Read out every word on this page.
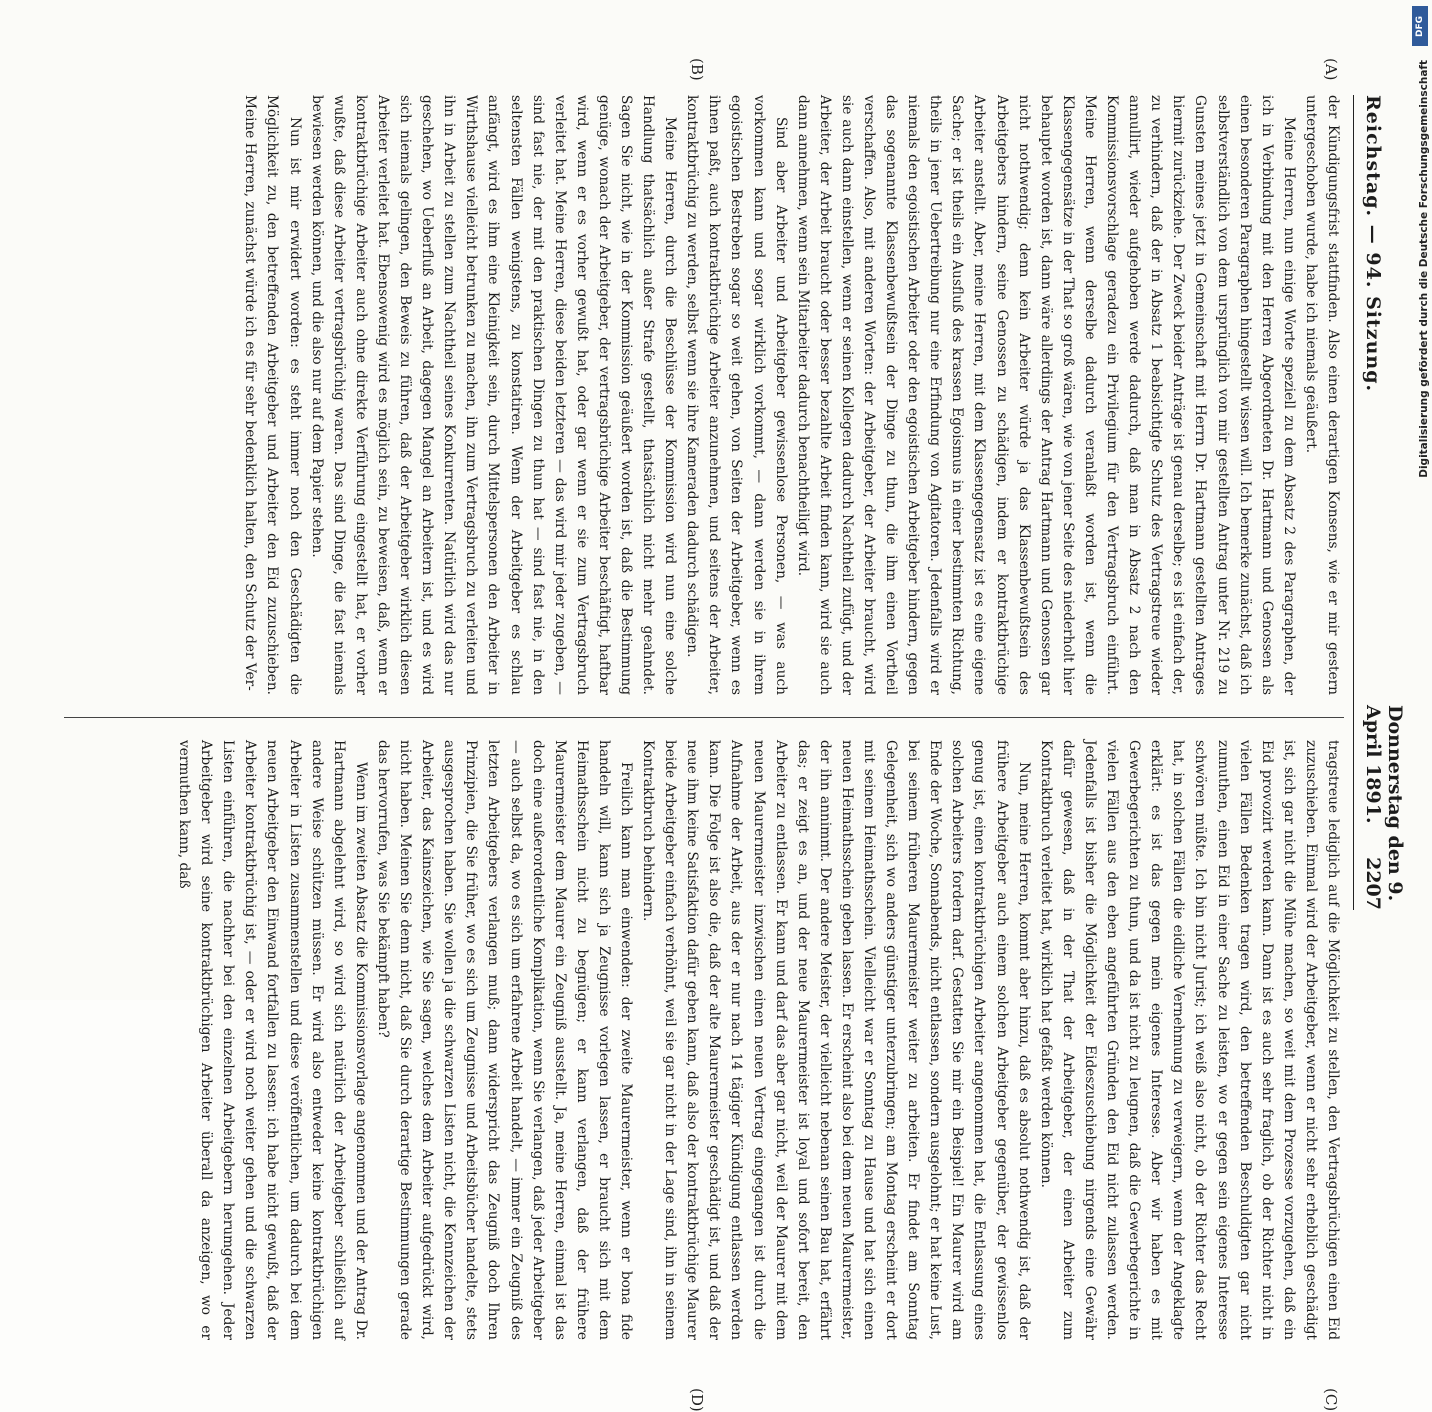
Reichstag. — 94. Sitzung.
Donnerstag den 9. April 1891.
2207

der Kündigungsfrist stattfinden. Also einen derartigen Konsens, wie er mir gestern untergeschoben wurde, habe ich niemals geäußert.

Meine Herren, nun einige Worte speziell zu dem Absatz 2 des Paragraphen, der ich in Verbindung mit den Herren Abgeordneten Dr. Hartmann und Genossen als einen besonderen Paragraphen hingestellt wissen will. Ich bemerke zunächst, daß ich selbstverständlich von dem ursprünglich von mir gestellten Antrag unter Nr. 219 zu Gunsten meines jetzt in Gemeinschaft mit Herrn Dr. Hartmann gestellten Antrages hiermit zurückziehe. Der Zweck beider Anträge ist genau derselbe; es ist einfach der, zu verhindern, daß der in Absatz 1 beabsichtigte Schutz des Vertragstreue wieder annullirt, wieder aufgehoben werde dadurch, daß man in Absatz 2 nach den Kommissionsvorschlage geradezu ein Privilegium für den Vertragsbruch einführt. Meine Herren, wenn derselbe dadurch veranlaßt worden ist, wenn die Klassengegensätze in der That so groß wären, wie von jener Seite des niederholt hier behauptet worden ist, dann wäre allerdings der Antrag Hartmann und Genossen gar nicht nothwendig; denn kein Arbeiter würde ja das Klassenbewußtsein des Arbeitgebers hindern, seine Genossen zu schädigen, indem er kontraktbrüchige Arbeiter anstellt. Aber, meine Herren, mit dem Klassengegensatz ist es eine eigene Sache; er ist theils ein Ausfluß des krassen Egoismus in einer bestimmten Richtung, theils in jener Uebertreibung nur eine Erfindung von Agitatoren. Jedenfalls wird er niemals den egoistischen Arbeiter oder den egoistischen Arbeitgeber hindern, gegen das sogenannte Klassenbewußtsein der Dinge zu thun, die ihm einen Vortheil verschaffen. Also, mit anderen Worten: der Arbeitgeber, der Arbeiter braucht, wird sie auch dann einstellen, wenn er seinen Kollegen dadurch Nachtheil zufügt, und der Arbeiter, der Arbeit braucht oder besser bezahlte Arbeit finden kann, wird sie auch dann annehmen, wenn sein Mitarbeiter dadurch benachtheiligt wird.

Sind aber Arbeiter und Arbeitgeber gewissenlose Personen, — was auch vorkommen kann und sogar wirklich vorkommt, — dann werden sie in ihrem egoistischen Bestreben sogar so weit gehen, von Seiten der Arbeitgeber, wenn es ihnen paßt, auch kontraktbrüchige Arbeiter anzunehmen, und seitens der Arbeiter, kontraktbrüchig zu werden, selbst wenn sie ihre Kameraden dadurch schädigen.

Meine Herren, durch die Beschlüsse der Kommission wird nun eine solche Handlung thatsächlich außer Strafe gestellt, thatsächlich nicht mehr geahndet. Sagen Sie nicht, wie in der Kommission geäußert worden ist, daß die Bestimmung genüge, wonach der Arbeitgeber, der vertragsbrüchige Arbeiter beschäftigt, haftbar wird, wenn er es vorher gewußt hat, oder gar wenn er sie zum Vertragsbruch verleitet hat. Meine Herren, diese beiden letzteren — das wird mir jeder zugeben, — sind fast nie, der mit den praktischen Dingen zu thun hat — sind fast nie, in den seltensten Fällen wenigstens, zu konstatiren. Wenn der Arbeitgeber es schlau anfängt, wird es ihm eine Kleinigkeit sein, durch Mittelspersonen den Arbeiter in Wirthshause vielleicht betrunken zu machen, ihn zum Vertragsbruch zu verleiten und ihn in Arbeit zu stellen zum Nachtheil seines Konkurrenten. Natürlich wird das nur geschehen, wo Ueberfluß an Arbeit, dagegen Mangel an Arbeitern ist, und es wird sich niemals gelingen, den Beweis zu führen, daß der Arbeitgeber wirklich diesen Arbeiter verleitet hat. Ebensowenig wird es möglich sein, zu beweisen, daß, wenn er kontraktbrüchige Arbeiter auch ohne direkte Verführung eingestellt hat, er vorher wußte, daß diese Arbeiter vertragsbrüchig waren. Das sind Dinge, die fast niemals bewiesen werden können, und die also nur auf dem Papier stehen.

Nun ist mir erwidert worden: es steht immer noch den Geschädigten die Möglichkeit zu, den betreffenden Arbeitgeber und Arbeiter den Eid zuzuschieben. Meine Herren, zunächst würde ich es für sehr bedenklich halten, den Schutz der Ver-

tragstreue lediglich auf die Möglichkeit zu stellen, den Vertragsbrüchigen einen Eid zuzuschieben. Einmal wird der Arbeitgeber, wenn er nicht sehr erheblich geschädigt ist, sich gar nicht die Mühe machen, so weit mit dem Prozesse vorzugehen, daß ein Eid provozirt werden kann. Dann ist es auch sehr fraglich, ob der Richter nicht in vielen Fällen Bedenken tragen wird, den betreffenden Beschuldigten gar nicht zumuthen, einen Eid in einer Sache zu leisten, wo er gegen sein eigenes Interesse schwören müßte. Ich bin nicht Jurist; ich weiß also nicht, ob der Richter das Recht hat, in solchen Fällen die eidliche Vernehmung zu verweigern, wenn der Angeklagte erklärt: es ist das gegen mein eigenes Interesse. Aber wir haben es mit Gewerbegerichten zu thun, und da ist nicht zu leugnen, daß die Gewerbegerichte in vielen Fällen aus den eben angeführten Gründen den Eid nicht zulassen werden. Jedenfalls ist bisher die Möglichkeit der Eideszuschiebung nirgends eine Gewähr dafür gewesen, daß in der That der Arbeitgeber, der einen Arbeiter zum Kontraktbruch verleitet hat, wirklich hat gefaßt werden können.

Nun, meine Herren, kommt aber hinzu, daß es absolut nothwendig ist, daß der frühere Arbeitgeber auch einem solchen Arbeitgeber gegenüber, der gewissenlos genug ist, einen kontraktbrüchigen Arbeiter angenommen hat, die Entlassung eines solchen Arbeiters fordern darf. Gestatten Sie mir ein Beispiel! Ein Maurer wird am Ende der Woche, Sonnabends, nicht entlassen, sondern ausgelohnt; er hat keine Lust, bei seinem früheren Maurermeister weiter zu arbeiten. Er findet am Sonntag Gelegenheit, sich wo anders günstiger unterzubringen; am Montag erscheint er dort mit seinem Heimathsschein. Vielleicht war er Sonntag zu Hause und hat sich einen neuen Heimathsschein geben lassen. Er erscheint also bei dem neuen Maurermeister, der ihn annimmt. Der andere Meister, der vielleicht nebenan seinen Bau hat, erfährt das; er zeigt es an, und der neue Maurermeister ist loyal und sofort bereit, den Arbeiter zu entlassen. Er kann und darf das aber gar nicht, weil der Maurer mit dem neuen Maurermeister inzwischen einen neuen Vertrag eingegangen ist durch die Aufnahme der Arbeit, aus der er nur nach 14 tägiger Kündigung entlassen werden kann. Die Folge ist also die, daß der alte Maurermeister geschädigt ist, und daß der neue ihm keine Satisfaktion dafür geben kann, daß also der kontraktbrüchige Maurer beide Arbeitgeber einfach verhöhnt, weil sie gar nicht in der Lage sind, ihn in seinem Kontraktbruch behindern.

Freilich kann man einwenden: der zweite Maurermeister, wenn er bona fide handeln will, kann sich ja Zeugnisse vorlegen lassen, er braucht sich mit dem Heimathsschein nicht zu begnügen; er kann verlangen, daß der frühere Maurermeister dem Maurer ein Zeugniß ausstellt. Ja, meine Herren, einmal ist das doch eine außerordentliche Komplikation, wenn Sie verlangen, daß jeder Arbeitgeber — auch selbst da, wo es sich um erfahrene Arbeit handelt, — immer ein Zeugniß des letzten Arbeitgebers verlangen muß; dann widerspricht das Zeugniß doch Ihren Prinzipien, die Sie früher, wo es sich um Zeugnisse und Arbeitsbücher handelte, stets ausgesprochen haben. Sie wollen ja die schwarzen Listen nicht, die Kennzeichen der Arbeiter, das Kainszeichen, wie Sie sagen, welches dem Arbeiter aufgedrückt wird, nicht haben. Meinen Sie denn nicht, daß Sie durch derartige Bestimmungen gerade das hervorrufen, was Sie bekämpft haben?

Wenn im zweiten Absatz die Kommissionsvorlage angenommen und der Antrag Dr. Hartmann abgelehnt wird, so wird sich natürlich der Arbeitgeber schließlich auf andere Weise schützen müssen. Er wird also entweder keine kontraktbrüchigen Arbeiter in Listen zusammenstellen und diese veröffentlichen, um dadurch bei dem neuen Arbeitgeber den Einwand fortfallen zu lassen: ich habe nicht gewußt, daß der Arbeiter kontraktbrüchig ist, — oder er wird noch weiter gehen und die schwarzen Listen einführen, die nachher bei den einzelnen Arbeitgebern herumgehen. Jeder Arbeitgeber wird seine kontraktbrüchigen Arbeiter überall da anzeigen, wo er vermuthen kann, daß

(A)
(B)
(C)
(D)
DFG
Digitalisierung gefördert durch die Deutsche Forschungsgemeinschaft
